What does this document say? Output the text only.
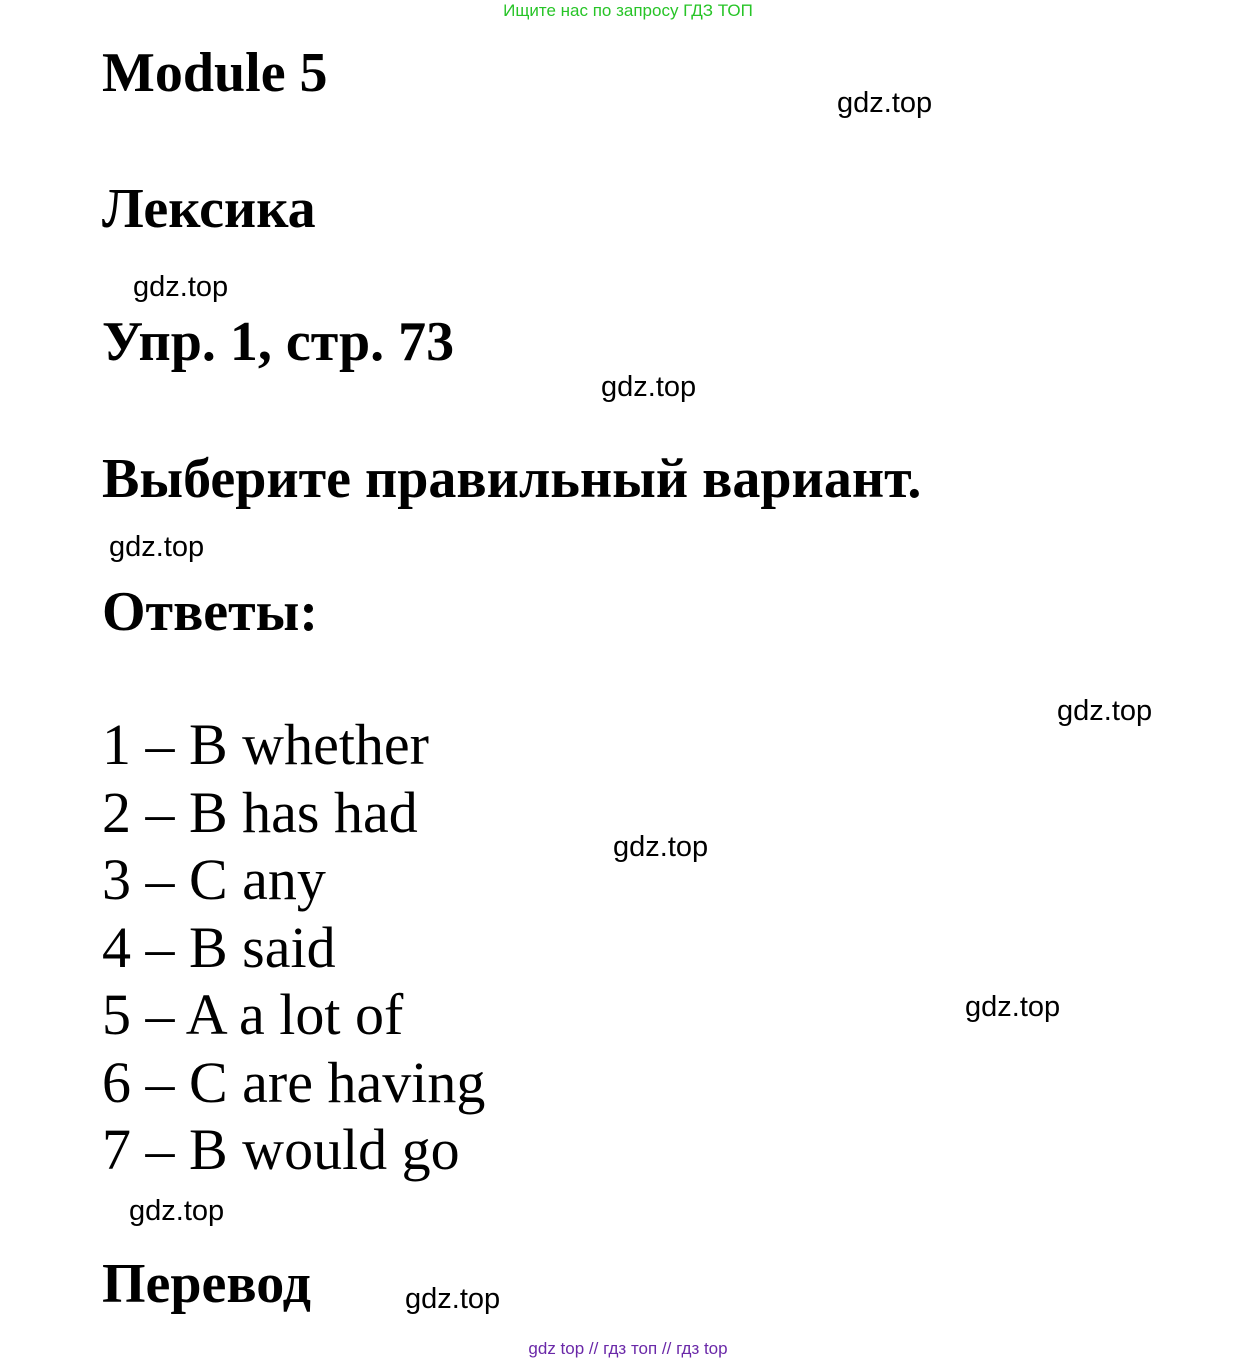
Ищите нас по запросу ГДЗ ТОП
Module 5
Лексика
Упр. 1, стр. 73
Выберите правильный вариант.
Ответы:
1 – B whether
2 – B has had
3 – C any
4 – B said
5 – A a lot of
6 – C are having
7 – B would go
Перевод
gdz.top
gdz.top
gdz.top
gdz.top
gdz.top
gdz.top
gdz.top
gdz.top
gdz.top
gdz top // гдз топ // гдз top
